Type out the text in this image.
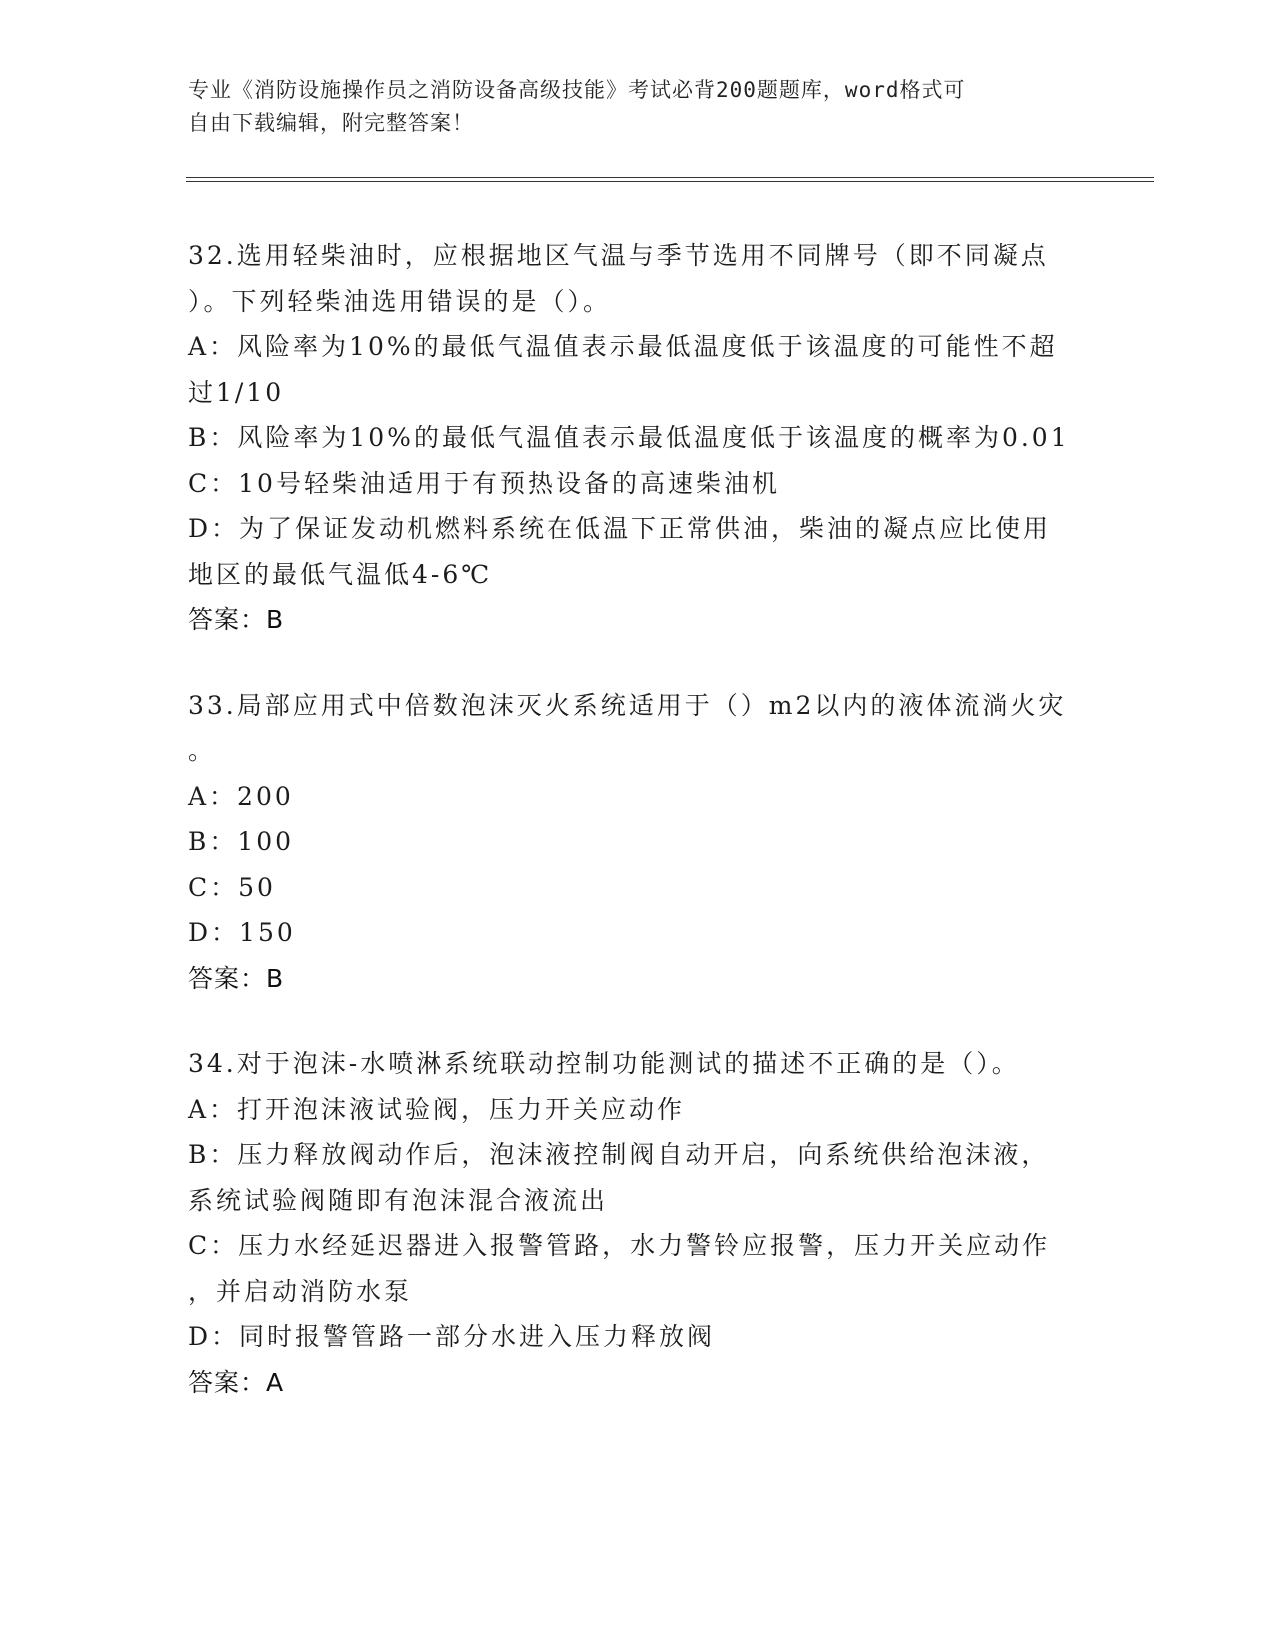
专业《消防设施操作员之消防设备高级技能》考试必背200题题库，word格式可
自由下载编辑，附完整答案！
32.选用轻柴油时，应根据地区气温与季节选用不同牌号（即不同凝点
）。下列轻柴油选用错误的是（）。
A：风险率为10%的最低气温值表示最低温度低于该温度的可能性不超
过1/10
B：风险率为10%的最低气温值表示最低温度低于该温度的概率为0.01
C：10号轻柴油适用于有预热设备的高速柴油机
D：为了保证发动机燃料系统在低温下正常供油，柴油的凝点应比使用
地区的最低气温低4-6℃
答案：B
33.局部应用式中倍数泡沫灭火系统适用于（）m2以内的液体流淌火灾
。
A：200
B：100
C：50
D：150
答案：B
34.对于泡沫-水喷淋系统联动控制功能测试的描述不正确的是（）。
A：打开泡沫液试验阀，压力开关应动作
B：压力释放阀动作后，泡沫液控制阀自动开启，向系统供给泡沫液，
系统试验阀随即有泡沫混合液流出
C：压力水经延迟器进入报警管路，水力警铃应报警，压力开关应动作
，并启动消防水泵
D：同时报警管路一部分水进入压力释放阀
答案：A
